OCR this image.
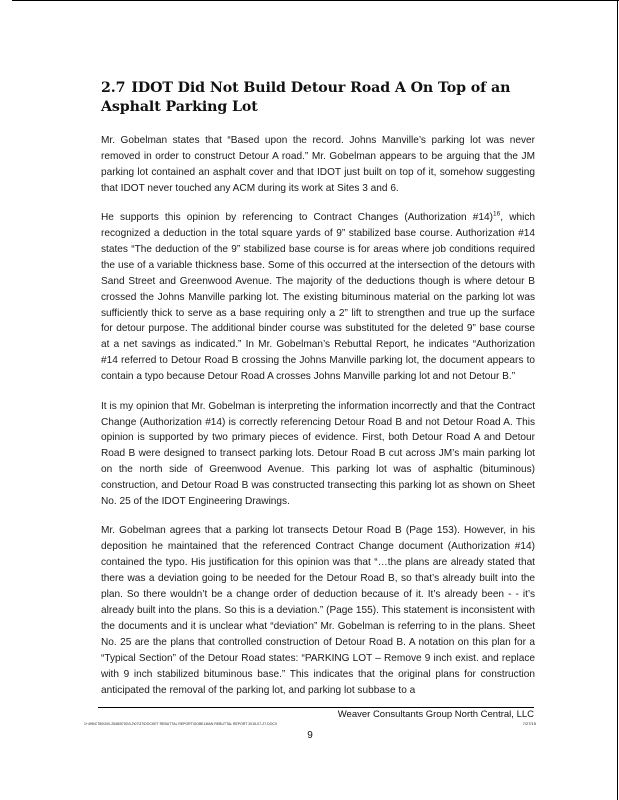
2.7 IDOT Did Not Build Detour Road A On Top of an Asphalt Parking Lot

Mr. Gobelman states that “Based upon the record. Johns Manville’s parking lot was never removed in order to construct Detour A road.” Mr. Gobelman appears to be arguing that the JM parking lot contained an asphalt cover and that IDOT just built on top of it, somehow suggesting that IDOT never touched any ACM during its work at Sites 3 and 6.

He supports this opinion by referencing to Contract Changes (Authorization #14)$^{16}$, which recognized a deduction in the total square yards of 9” stabilized base course. Authorization #14 states “The deduction of the 9” stabilized base course is for areas where job conditions required the use of a variable thickness base. Some of this occurred at the intersection of the detours with Sand Street and Greenwood Avenue. The majority of the deductions though is where detour B crossed the Johns Manville parking lot. The existing bituminous material on the parking lot was sufficiently thick to serve as a base requiring only a 2” lift to strengthen and true up the surface for detour purpose. The additional binder course was substituted for the deleted 9” base course at a net savings as indicated.” In Mr. Gobelman’s Rebuttal Report, he indicates “Authorization #14 referred to Detour Road B crossing the Johns Manville parking lot, the document appears to contain a typo because Detour Road A crosses Johns Manville parking lot and not Detour B.”

It is my opinion that Mr. Gobelman is interpreting the information incorrectly and that the Contract Change (Authorization #14) is correctly referencing Detour Road B and not Detour Road A. This opinion is supported by two primary pieces of evidence. First, both Detour Road A and Detour Road B were designed to transect parking lots. Detour Road B cut across JM’s main parking lot on the north side of Greenwood Avenue. This parking lot was of asphaltic (bituminous) construction, and Detour Road B was constructed transecting this parking lot as shown on Sheet No. 25 of the IDOT Engineering Drawings.

Mr. Gobelman agrees that a parking lot transects Detour Road B (Page 153). However, in his deposition he maintained that the referenced Contract Change document (Authorization #14) contained the typo. His justification for this opinion was that “…the plans are already stated that there was a deviation going to be needed for the Detour Road B, so that’s already built into the plan. So there wouldn’t be a change order of deduction because of it. It’s already been - - it’s already built into the plans. So this is a deviation.” (Page 155). This statement is inconsistent with the documents and it is unclear what “deviation” Mr. Gobelman is referring to in the plans. Sheet No. 25 are the plans that controlled construction of Detour Road B. A notation on this plan for a “Typical Section” of the Detour Road states: “PARKING LOT – Remove 9 inch exist. and replace with 9 inch stabilized bituminous base.” This indicates that the original plans for construction anticipated the removal of the parking lot, and parking lot subbase to a

Weaver Consultants Group North Central, LLC
1+496\CT80\200-2548\5700\3.2\07\37\DOCKET REBUTTAL REPORT\GOBELMAN REBUTTAL REPORT 2015-07-27.DOCX	7/27/15
9
